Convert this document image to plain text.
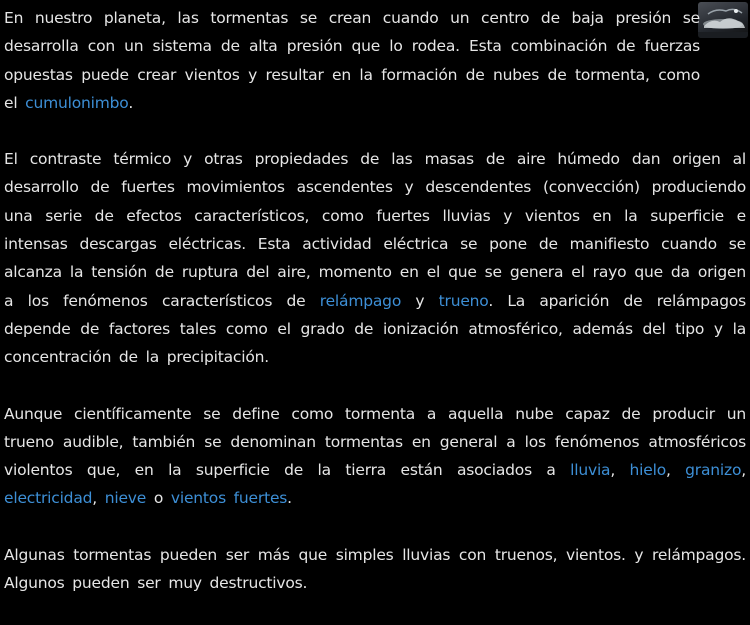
En nuestro planeta, las tormentas se crean cuando un centro de baja presión se desarrolla con un sistema de alta presión que lo rodea. Esta combinación de fuerzas opuestas puede crear vientos y resultar en la formación de nubes de tormenta, como el cumulonimbo.

El contraste térmico y otras propiedades de las masas de aire húmedo dan origen al desarrollo de fuertes movimientos ascendentes y descendentes (convección) produciendo una serie de efectos característicos, como fuertes lluvias y vientos en la superficie e intensas descargas eléctricas. Esta actividad eléctrica se pone de manifiesto cuando se alcanza la tensión de ruptura del aire, momento en el que se genera el rayo que da origen a los fenómenos característicos de relámpago y trueno. La aparición de relámpagos depende de factores tales como el grado de ionización atmosférico, además del tipo y la concentración de la precipitación.

Aunque científicamente se define como tormenta a aquella nube capaz de producir un trueno audible, también se denominan tormentas en general a los fenómenos atmosféricos violentos que, en la superficie de la tierra están asociados a lluvia, hielo, granizo, electricidad, nieve o vientos fuertes.

Algunas tormentas pueden ser más que simples lluvias con truenos, vientos. y relámpagos. Algunos pueden ser muy destructivos.
